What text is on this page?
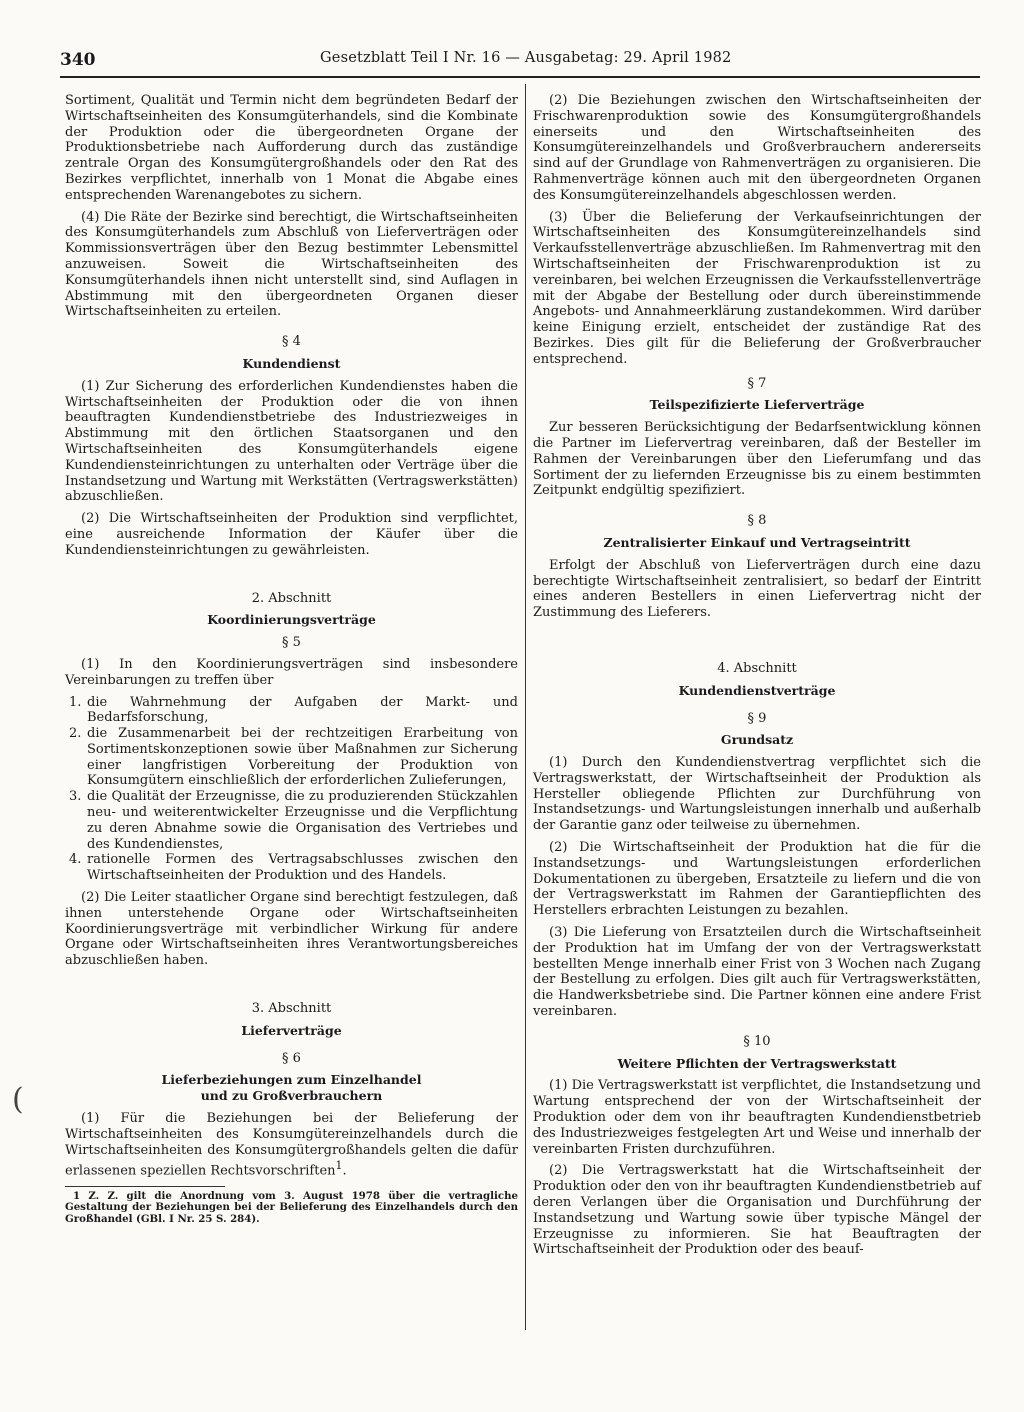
340	Gesetzblatt Teil I Nr. 16 — Ausgabetag: 29. April 1982
(

Sortiment, Qualität und Termin nicht dem begründeten Bedarf der Wirtschaftseinheiten des Konsumgüterhandels, sind die Kombinate der Produktion oder die übergeordneten Organe der Produktionsbetriebe nach Aufforderung durch das zuständige zentrale Organ des Konsumgütergroßhandels oder den Rat des Bezirkes verpflichtet, innerhalb von 1 Monat die Abgabe eines entsprechenden Warenangebotes zu sichern.

(4) Die Räte der Bezirke sind berechtigt, die Wirtschaftseinheiten des Konsumgüterhandels zum Abschluß von Lieferverträgen oder Kommissionsverträgen über den Bezug bestimmter Lebensmittel anzuweisen. Soweit die Wirtschaftseinheiten des Konsumgüterhandels ihnen nicht unterstellt sind, sind Auflagen in Abstimmung mit den übergeordneten Organen dieser Wirtschaftseinheiten zu erteilen.

§ 4
Kundendienst

(1) Zur Sicherung des erforderlichen Kundendienstes haben die Wirtschaftseinheiten der Produktion oder die von ihnen beauftragten Kundendienstbetriebe des Industriezweiges in Abstimmung mit den örtlichen Staatsorganen und den Wirtschaftseinheiten des Konsumgüterhandels eigene Kundendiensteinrichtungen zu unterhalten oder Verträge über die Instandsetzung und Wartung mit Werkstätten (Vertragswerkstätten) abzuschließen.

(2) Die Wirtschaftseinheiten der Produktion sind verpflichtet, eine ausreichende Information der Käufer über die Kundendiensteinrichtungen zu gewährleisten.

2. Abschnitt
Koordinierungsverträge
§ 5

(1) In den Koordinierungsverträgen sind insbesondere Vereinbarungen zu treffen über

1. die Wahrnehmung der Aufgaben der Markt- und Bedarfsforschung,
2. die Zusammenarbeit bei der rechtzeitigen Erarbeitung von Sortimentskonzeptionen sowie über Maßnahmen zur Sicherung einer langfristigen Vorbereitung der Produktion von Konsumgütern einschließlich der erforderlichen Zulieferungen,
3. die Qualität der Erzeugnisse, die zu produzierenden Stückzahlen neu- und weiterentwickelter Erzeugnisse und die Verpflichtung zu deren Abnahme sowie die Organisation des Vertriebes und des Kundendienstes,
4. rationelle Formen des Vertragsabschlusses zwischen den Wirtschaftseinheiten der Produktion und des Handels.

(2) Die Leiter staatlicher Organe sind berechtigt festzulegen, daß ihnen unterstehende Organe oder Wirtschaftseinheiten Koordinierungsverträge mit verbindlicher Wirkung für andere Organe oder Wirtschaftseinheiten ihres Verantwortungsbereiches abzuschließen haben.

3. Abschnitt
Lieferverträge
§ 6
Lieferbeziehungen zum Einzelhandel
und zu Großverbrauchern

(1) Für die Beziehungen bei der Belieferung der Wirtschaftseinheiten des Konsumgütereinzelhandels durch die Wirtschaftseinheiten des Konsumgütergroßhandels gelten die dafür erlassenen speziellen Rechtsvorschriften$^1$.

1 Z. Z. gilt die Anordnung vom 3. August 1978 über die vertragliche Gestaltung der Beziehungen bei der Belieferung des Einzelhandels durch den Großhandel (GBl. I Nr. 25 S. 284).

(2) Die Beziehungen zwischen den Wirtschaftseinheiten der Frischwarenproduktion sowie des Konsumgütergroßhandels einerseits und den Wirtschaftseinheiten des Konsumgütereinzelhandels und Großverbrauchern andererseits sind auf der Grundlage von Rahmenverträgen zu organisieren. Die Rahmenverträge können auch mit den übergeordneten Organen des Konsumgütereinzelhandels abgeschlossen werden.

(3) Über die Belieferung der Verkaufseinrichtungen der Wirtschaftseinheiten des Konsumgütereinzelhandels sind Verkaufsstellenverträge abzuschließen. Im Rahmenvertrag mit den Wirtschaftseinheiten der Frischwarenproduktion ist zu vereinbaren, bei welchen Erzeugnissen die Verkaufsstellenverträge mit der Abgabe der Bestellung oder durch übereinstimmende Angebots- und Annahmeerklärung zustandekommen. Wird darüber keine Einigung erzielt, entscheidet der zuständige Rat des Bezirkes. Dies gilt für die Belieferung der Großverbraucher entsprechend.

§ 7
Teilspezifizierte Lieferverträge

Zur besseren Berücksichtigung der Bedarfsentwicklung können die Partner im Liefervertrag vereinbaren, daß der Besteller im Rahmen der Vereinbarungen über den Lieferumfang und das Sortiment der zu liefernden Erzeugnisse bis zu einem bestimmten Zeitpunkt endgültig spezifiziert.

§ 8
Zentralisierter Einkauf und Vertragseintritt

Erfolgt der Abschluß von Lieferverträgen durch eine dazu berechtigte Wirtschaftseinheit zentralisiert, so bedarf der Eintritt eines anderen Bestellers in einen Liefervertrag nicht der Zustimmung des Lieferers.

4. Abschnitt
Kundendienstverträge
§ 9
Grundsatz

(1) Durch den Kundendienstvertrag verpflichtet sich die Vertragswerkstatt, der Wirtschaftseinheit der Produktion als Hersteller obliegende Pflichten zur Durchführung von Instandsetzungs- und Wartungsleistungen innerhalb und außerhalb der Garantie ganz oder teilweise zu übernehmen.

(2) Die Wirtschaftseinheit der Produktion hat die für die Instandsetzungs- und Wartungsleistungen erforderlichen Dokumentationen zu übergeben, Ersatzteile zu liefern und die von der Vertragswerkstatt im Rahmen der Garantiepflichten des Herstellers erbrachten Leistungen zu bezahlen.

(3) Die Lieferung von Ersatzteilen durch die Wirtschaftseinheit der Produktion hat im Umfang der von der Vertragswerkstatt bestellten Menge innerhalb einer Frist von 3 Wochen nach Zugang der Bestellung zu erfolgen. Dies gilt auch für Vertragswerkstätten, die Handwerksbetriebe sind. Die Partner können eine andere Frist vereinbaren.

§ 10
Weitere Pflichten der Vertragswerkstatt

(1) Die Vertragswerkstatt ist verpflichtet, die Instandsetzung und Wartung entsprechend der von der Wirtschaftseinheit der Produktion oder dem von ihr beauftragten Kundendienstbetrieb des Industriezweiges festgelegten Art und Weise und innerhalb der vereinbarten Fristen durchzuführen.

(2) Die Vertragswerkstatt hat die Wirtschaftseinheit der Produktion oder den von ihr beauftragten Kundendienstbetrieb auf deren Verlangen über die Organisation und Durchführung der Instandsetzung und Wartung sowie über typische Mängel der Erzeugnisse zu informieren. Sie hat Beauftragten der Wirtschaftseinheit der Produktion oder des beauf-
